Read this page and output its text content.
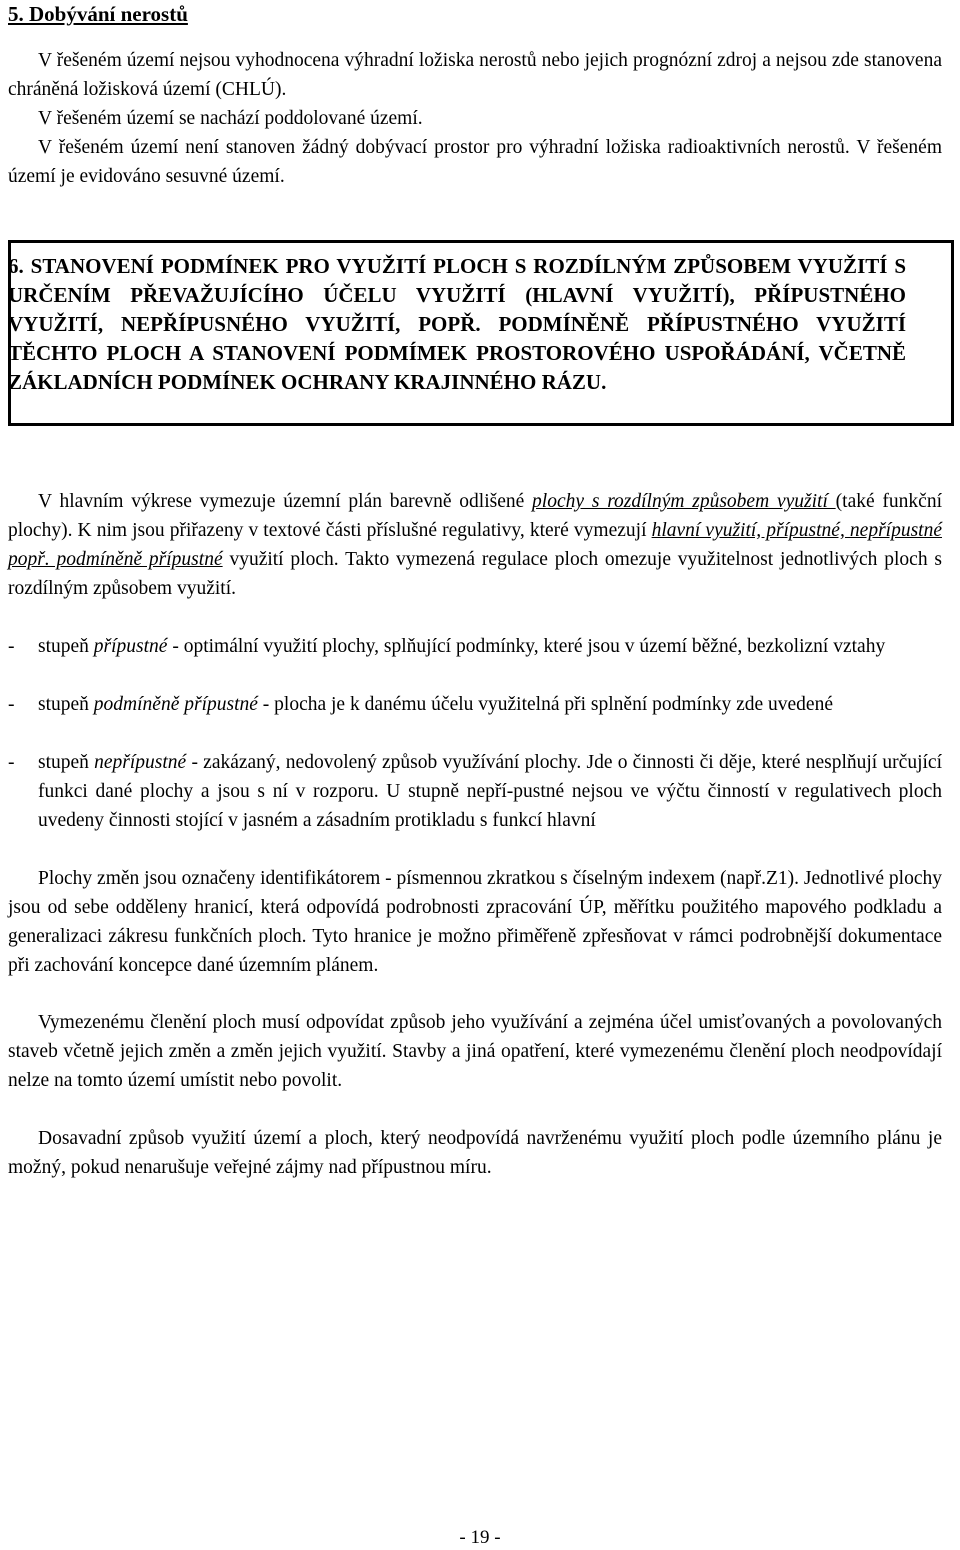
5. Dobývání nerostů
V řešeném území nejsou vyhodnocena výhradní ložiska nerostů nebo jejich prognózní zdroj a nejsou zde stanovena chráněná ložisková území (CHLÚ).
V řešeném území se nachází poddolované území.
V řešeném území není stanoven žádný dobývací prostor pro výhradní ložiska radioaktivních nerostů. V řešeném území je evidováno sesuvné území.
6. STANOVENÍ PODMÍNEK PRO VYUŽITÍ PLOCH S ROZDÍLNÝM ZPŮSOBEM VYUŽITÍ S URČENÍM PŘEVAŽUJÍCÍHO ÚČELU VYUŽITÍ (HLAVNÍ VYUŽITÍ), PŘÍPUSTNÉHO VYUŽITÍ, NEPŘÍPUSNÉHO VYUŽITÍ, POPŘ. PODMÍNĚNĚ PŘÍPUSTNÉHO VYUŽITÍ TĚCHTO PLOCH A STANOVENÍ PODMÍMEK PROSTOROVÉHO USPOŘÁDÁNÍ, VČETNĚ ZÁKLADNÍCH PODMÍNEK OCHRANY KRAJINNÉHO RÁZU.
V hlavním výkrese vymezuje územní plán barevně odlišené plochy s rozdílným způsobem využití (také funkční plochy). K nim jsou přiřazeny v textové části příslušné regulativy, které vymezují hlavní využití, přípustné, nepřípustné popř. podmíněně přípustné využití ploch. Takto vymezená regulace ploch omezuje využitelnost jednotlivých ploch s rozdílným způsobem využití.
- stupeň přípustné - optimální využití plochy, splňující podmínky, které jsou v území běžné, bezkolizní vztahy
- stupeň podmíněně přípustné - plocha je k danému účelu využitelná při splnění podmínky zde uvedené
- stupeň nepřípustné - zakázaný, nedovolený způsob využívání plochy. Jde o činnosti či děje, které nesplňují určující funkci dané plochy a jsou s ní v rozporu. U stupně nepří-pustné nejsou ve výčtu činností v regulativech ploch uvedeny činnosti stojící v jasném a zásadním protikladu s funkcí hlavní
Plochy změn jsou označeny identifikátorem - písmennou zkratkou s číselným indexem (např.Z1). Jednotlivé plochy jsou od sebe odděleny hranicí, která odpovídá podrobnosti zpracování ÚP, měřítku použitého mapového podkladu a generalizaci zákresu funkčních ploch. Tyto hranice je možno přiměřeně zpřesňovat v rámci podrobnější dokumentace při zachování koncepce dané územním plánem.
Vymezenému členění ploch musí odpovídat způsob jeho využívání a zejména účel umisťovaných a povolovaných staveb včetně jejich změn a změn jejich využití. Stavby a jiná opatření, které vymezenému členění ploch neodpovídají nelze na tomto území umístit nebo povolit.
Dosavadní způsob využití území a ploch, který neodpovídá navrženému využití ploch podle územního plánu je možný, pokud nenarušuje veřejné zájmy nad přípustnou míru.
- 19 -
